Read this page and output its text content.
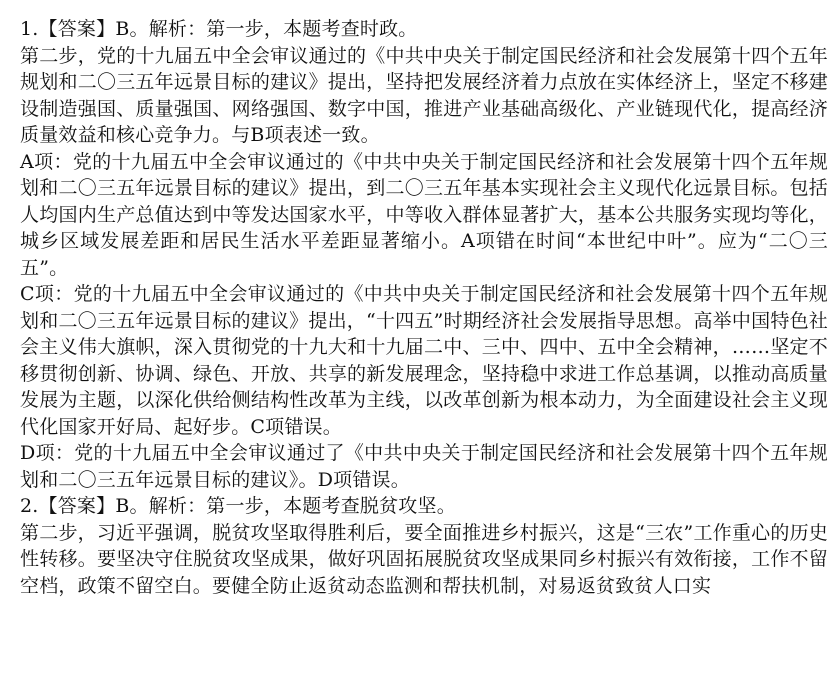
1.【答案】B。解析：第一步，本题考查时政。

第二步，党的十九届五中全会审议通过的《中共中央关于制定国民经济和社会发展第十四个五年规划和二〇三五年远景目标的建议》提出，坚持把发展经济着力点放在实体经济上，坚定不移建设制造强国、质量强国、网络强国、数字中国，推进产业基础高级化、产业链现代化，提高经济质量效益和核心竞争力。与B项表述一致。

A项：党的十九届五中全会审议通过的《中共中央关于制定国民经济和社会发展第十四个五年规划和二〇三五年远景目标的建议》提出，到二〇三五年基本实现社会主义现代化远景目标。包括人均国内生产总值达到中等发达国家水平，中等收入群体显著扩大，基本公共服务实现均等化，城乡区域发展差距和居民生活水平差距显著缩小。A项错在时间“本世纪中叶”。应为“二〇三五”。

C项：党的十九届五中全会审议通过的《中共中央关于制定国民经济和社会发展第十四个五年规划和二〇三五年远景目标的建议》提出，“十四五”时期经济社会发展指导思想。高举中国特色社会主义伟大旗帜，深入贯彻党的十九大和十九届二中、三中、四中、五中全会精神，……坚定不移贯彻创新、协调、绿色、开放、共享的新发展理念，坚持稳中求进工作总基调，以推动高质量发展为主题，以深化供给侧结构性改革为主线，以改革创新为根本动力，为全面建设社会主义现代化国家开好局、起好步。C项错误。

D项：党的十九届五中全会审议通过了《中共中央关于制定国民经济和社会发展第十四个五年规划和二〇三五年远景目标的建议》。D项错误。

2.【答案】B。解析：第一步，本题考查脱贫攻坚。

第二步，习近平强调，脱贫攻坚取得胜利后，要全面推进乡村振兴，这是“三农”工作重心的历史性转移。要坚决守住脱贫攻坚成果，做好巩固拓展脱贫攻坚成果同乡村振兴有效衔接，工作不留空档，政策不留空白。要健全防止返贫动态监测和帮扶机制，对易返贫致贫人口实
